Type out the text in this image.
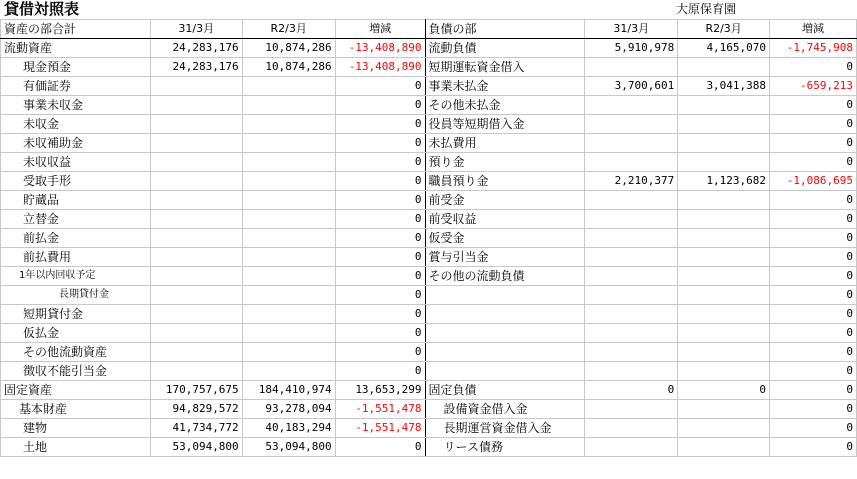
貸借対照表	大原保育園
資産の部合計	31/3月	R2/3月	増減	負債の部	31/3月	R2/3月	増減
流動資産	24,283,176	10,874,286	-13,408,890	流動負債	5,910,978	4,165,070	-1,745,908
現金預金	24,283,176	10,874,286	-13,408,890	短期運転資金借入			0
有価証券			0	事業未払金	3,700,601	3,041,388	-659,213
事業未収金			0	その他未払金			0
未収金			0	役員等短期借入金			0
未収補助金			0	未払費用			0
未収収益			0	預り金			0
受取手形			0	職員預り金	2,210,377	1,123,682	-1,086,695
貯蔵品			0	前受金			0
立替金			0	前受収益			0
前払金			0	仮受金			0
前払費用			0	賞与引当金			0
1年以内回収予定			0	その他の流動負債			0
長期貸付金			0				0
短期貸付金			0				0
仮払金			0				0
その他流動資産			0				0
徴収不能引当金			0				0
固定資産	170,757,675	184,410,974	13,653,299	固定負債	0	0	0
基本財産	94,829,572	93,278,094	-1,551,478	設備資金借入金			0
建物	41,734,772	40,183,294	-1,551,478	長期運営資金借入金			0
土地	53,094,800	53,094,800	0	リース債務			0
